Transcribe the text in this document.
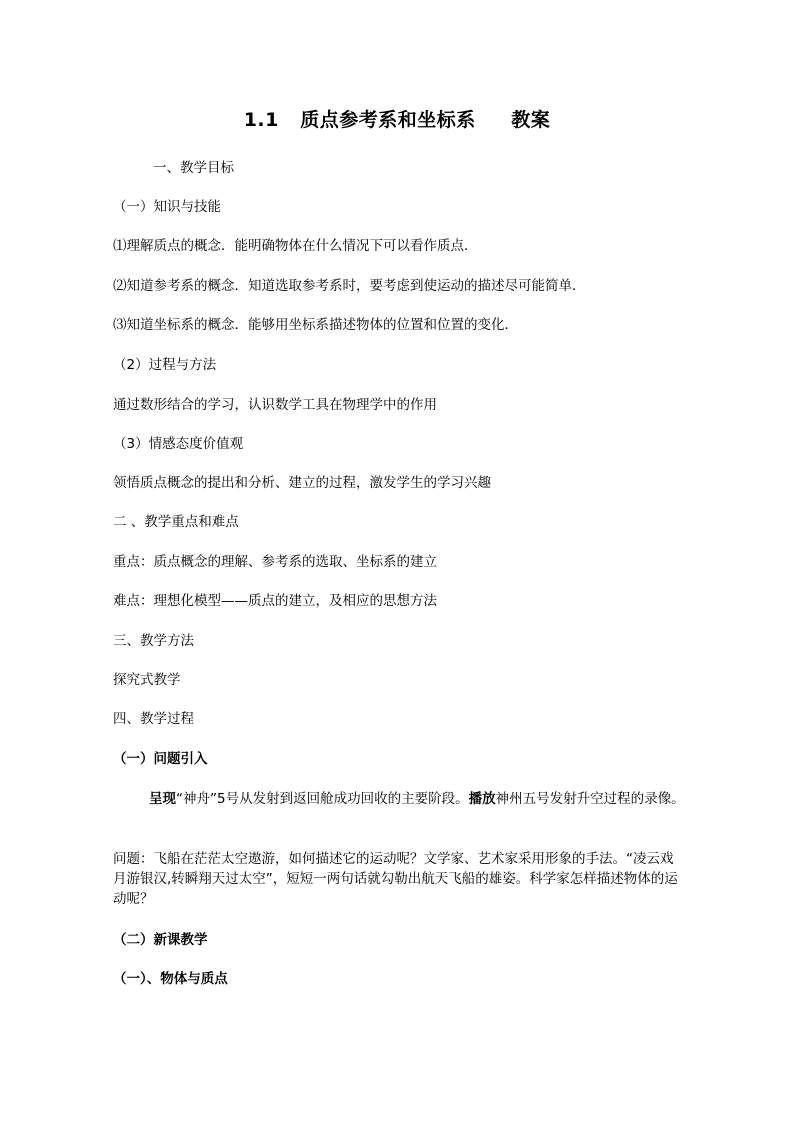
1.1   质点参考系和坐标系     教案
一、教学目标
（一）知识与技能
⑴理解质点的概念．能明确物体在什么情况下可以看作质点．
⑵知道参考系的概念．知道选取参考系时，要考虑到使运动的描述尽可能简单．
⑶知道坐标系的概念．能够用坐标系描述物体的位置和位置的变化．
（2）过程与方法
通过数形结合的学习，认识数学工具在物理学中的作用
（3）情感态度价值观
领悟质点概念的提出和分析、建立的过程，激发学生的学习兴趣
二 、教学重点和难点
重点：质点概念的理解、参考系的选取、坐标系的建立
难点：理想化模型——质点的建立，及相应的思想方法
三、教学方法
探究式教学
四、教学过程
（一）问题引入
呈现“神舟”5号从发射到返回舱成功回收的主要阶段。播放神州五号发射升空过程的录像。
问题：飞船在茫茫太空遨游，如何描述它的运动呢？文学家、艺术家采用形象的手法。“凌云戏月游银汉,转瞬翔天过太空”，短短一两句话就勾勒出航天飞船的雄姿。科学家怎样描述物体的运动呢？
（二）新课教学
（一）、物体与质点
